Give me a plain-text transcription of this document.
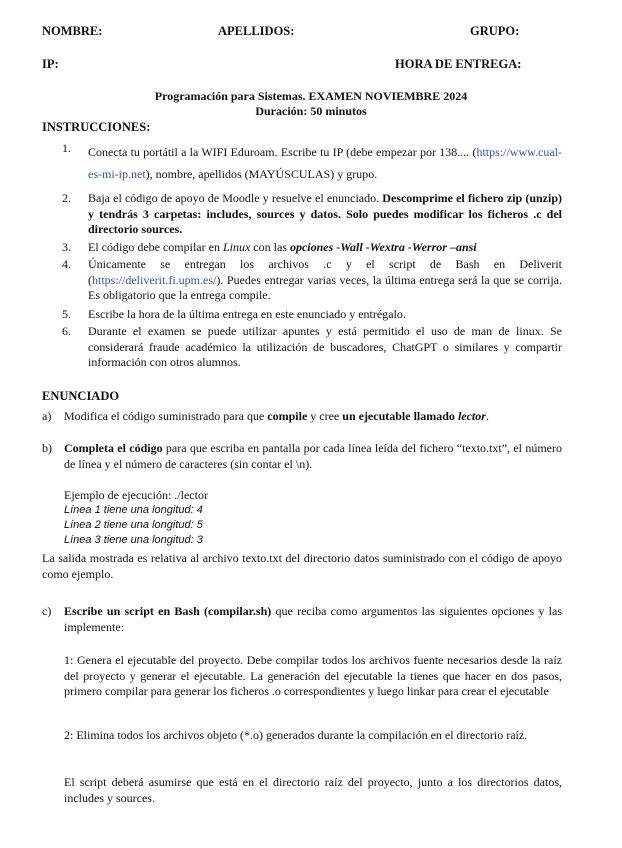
NOMBRE:	APELLIDOS:	GRUPO:
IP:	HORA DE ENTREGA:
Programación para Sistemas. EXAMEN NOVIEMBRE 2024
Duración: 50 minutos
INSTRUCCIONES:
1.	Conecta tu portátil a la WIFI Eduroam. Escribe tu IP (debe empezar por 138.... (https://www.cual-es-mi-ip.net), nombre, apellidos (MAYÚSCULAS) y grupo.
2.	Baja el código de apoyo de Moodle y resuelve el enunciado. Descomprime el fichero zip (unzip) y tendrás 3 carpetas: includes, sources y datos. Solo puedes modificar los ficheros .c del directorio sources.
3.	El código debe compilar en Linux con las opciones -Wall -Wextra -Werror –ansi
4.	Únicamente se entregan los archivos .c y el script de Bash en Deliverit (https://deliverit.fi.upm.es/). Puedes entregar varias veces, la última entrega será la que se corrija. Es obligatorio que la entrega compile.
5.	Escribe la hora de la última entrega en este enunciado y entrégalo.
6.	Durante el examen se puede utilizar apuntes y está permitido el uso de man de linux. Se considerará fraude académico la utilización de buscadores, ChatGPT o similares y compartir información con otros alumnos.
ENUNCIADO
a) Modifica el código suministrado para que compile y cree un ejecutable llamado lector.
b) Completa el código para que escriba en pantalla por cada línea leída del fichero “texto.txt”, el número de línea y el número de caracteres (sin contar el \n).
Ejemplo de ejecución: ./lector
Línea 1 tiene una longitud: 4
Línea 2 tiene una longitud: 5
Línea 3 tiene una longitud: 3
La salida mostrada es relativa al archivo texto.txt del directorio datos suministrado con el código de apoyo como ejemplo.
c) Escribe un script en Bash (compilar.sh) que reciba como argumentos las siguientes opciones y las implemente:
1: Genera el ejecutable del proyecto. Debe compilar todos los archivos fuente necesarios desde la raíz del proyecto y generar el ejecutable. La generación del ejecutable la tienes que hacer en dos pasos, primero compilar para generar los ficheros .o correspondientes y luego linkar para crear el ejecutable
2: Elimina todos los archivos objeto (*.o) generados durante la compilación en el directorio raíz.
El script deberá asumirse que está en el directorio raíz del proyecto, junto a los directorios datos, includes y sources.
